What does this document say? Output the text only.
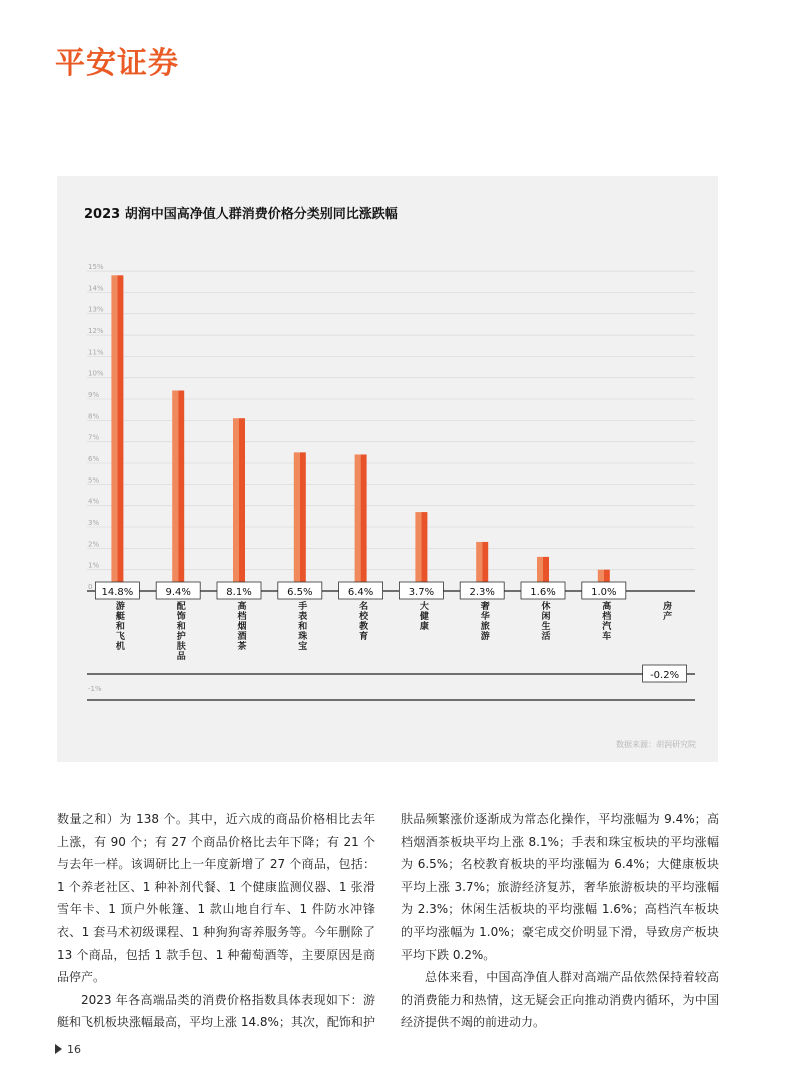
平安证券
2023 胡润中国高净值人群消费价格分类别同比涨跌幅
15%
14%
13%
12%
11%
10%
9%
8%
7%
6%
5%
4%
3%
2%
1%
0
-1%
14.8%
游艇和飞机
9.4%
配饰和护肤品
8.1%
高档烟酒茶
6.5%
手表和珠宝
6.4%
名校教育
3.7%
大健康
2.3%
奢华旅游
1.6%
休闲生活
1.0%
高档汽车
-0.2%
房产
数据来源：胡润研究院

数量之和）为 138 个。其中，近六成的商品价格相比去年上涨，有 90 个；有 27 个商品价格比去年下降；有 21 个与去年一样。该调研比上一年度新增了 27 个商品，包括：1 个养老社区、1 种补剂代餐、1 个健康监测仪器、1 张滑雪年卡、1 顶户外帐篷、1 款山地自行车、1 件防水冲锋衣、1 套马术初级课程、1 种狗狗寄养服务等。今年删除了 13 个商品，包括 1 款手包、1 种葡萄酒等，主要原因是商品停产。

2023 年各高端品类的消费价格指数具体表现如下：游艇和飞机板块涨幅最高，平均上涨 14.8%；其次，配饰和护

肤品频繁涨价逐渐成为常态化操作，平均涨幅为 9.4%；高档烟酒茶板块平均上涨 8.1%；手表和珠宝板块的平均涨幅为 6.5%；名校教育板块的平均涨幅为 6.4%；大健康板块平均上涨 3.7%；旅游经济复苏，奢华旅游板块的平均涨幅为 2.3%；休闲生活板块的平均涨幅 1.6%；高档汽车板块的平均涨幅为 1.0%；豪宅成交价明显下滑，导致房产板块平均下跌 0.2%。

总体来看，中国高净值人群对高端产品依然保持着较高的消费能力和热情，这无疑会正向推动消费内循环，为中国经济提供不竭的前进动力。

16
